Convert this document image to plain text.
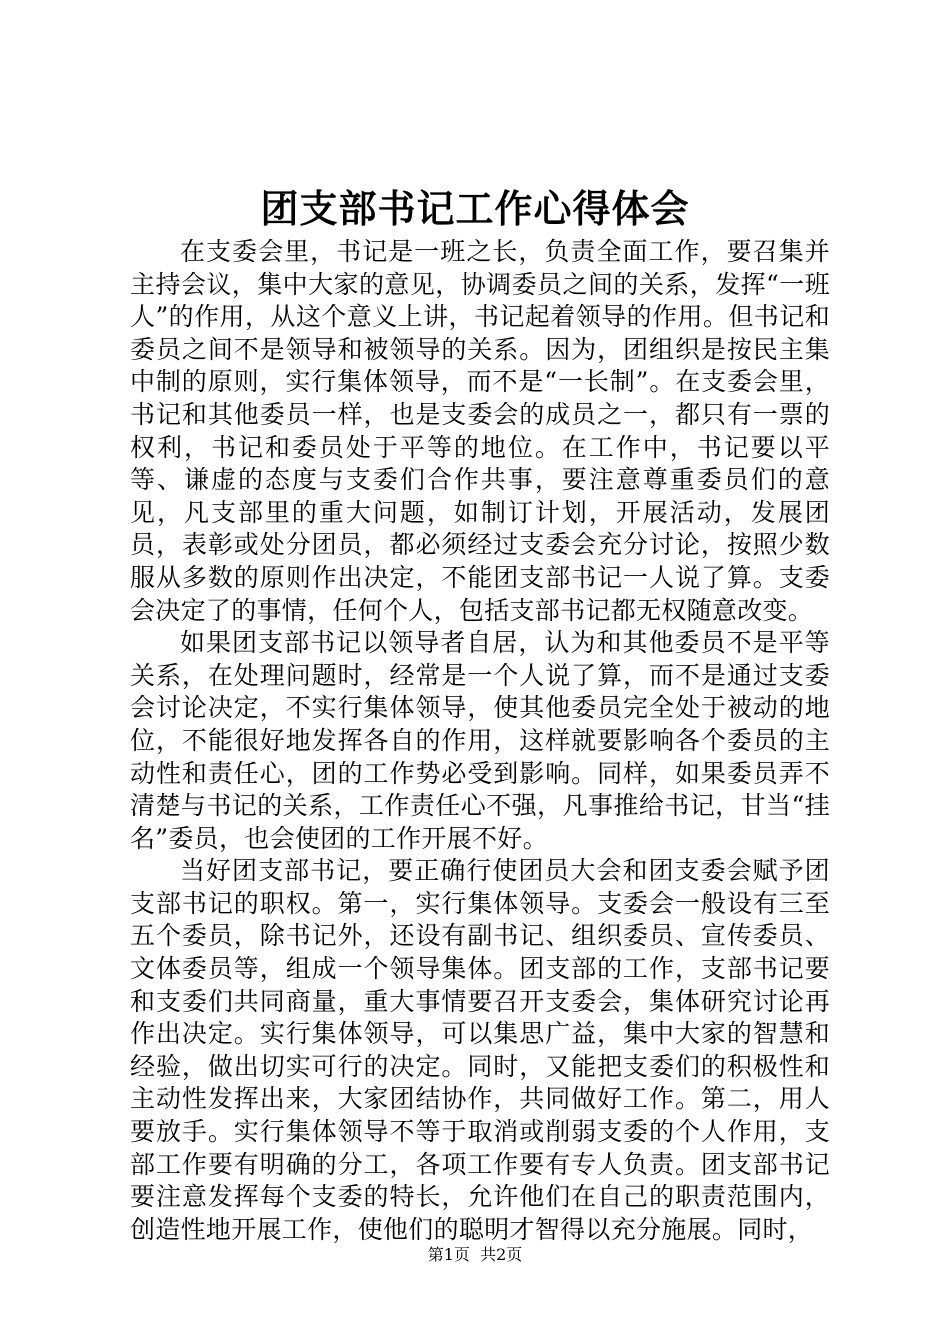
团支部书记工作心得体会

在支委会里，书记是一班之长，负责全面工作，要召集并主持会议，集中大家的意见，协调委员之间的关系，发挥“一班人”的作用，从这个意义上讲，书记起着领导的作用。但书记和委员之间不是领导和被领导的关系。因为，团组织是按民主集中制的原则，实行集体领导，而不是“一长制”。在支委会里，书记和其他委员一样，也是支委会的成员之一，都只有一票的权利，书记和委员处于平等的地位。在工作中，书记要以平等、谦虚的态度与支委们合作共事，要注意尊重委员们的意见，凡支部里的重大问题，如制订计划，开展活动，发展团员，表彰或处分团员，都必须经过支委会充分讨论，按照少数服从多数的原则作出决定，不能团支部书记一人说了算。支委会决定了的事情，任何个人，包括支部书记都无权随意改变。

如果团支部书记以领导者自居，认为和其他委员不是平等关系，在处理问题时，经常是一个人说了算，而不是通过支委会讨论决定，不实行集体领导，使其他委员完全处于被动的地位，不能很好地发挥各自的作用，这样就要影响各个委员的主动性和责任心，团的工作势必受到影响。同样，如果委员弄不清楚与书记的关系，工作责任心不强，凡事推给书记，甘当“挂名”委员，也会使团的工作开展不好。

当好团支部书记，要正确行使团员大会和团支委会赋予团支部书记的职权。第一，实行集体领导。支委会一般设有三至五个委员，除书记外，还设有副书记、组织委员、宣传委员、文体委员等，组成一个领导集体。团支部的工作，支部书记要和支委们共同商量，重大事情要召开支委会，集体研究讨论再作出决定。实行集体领导，可以集思广益，集中大家的智慧和经验，做出切实可行的决定。同时，又能把支委们的积极性和主动性发挥出来，大家团结协作，共同做好工作。第二，用人要放手。实行集体领导不等于取消或削弱支委的个人作用，支部工作要有明确的分工，各项工作要有专人负责。团支部书记要注意发挥每个支委的特长，允许他们在自己的职责范围内，创造性地开展工作，使他们的聪明才智得以充分施展。同时，

第1页 共2页
